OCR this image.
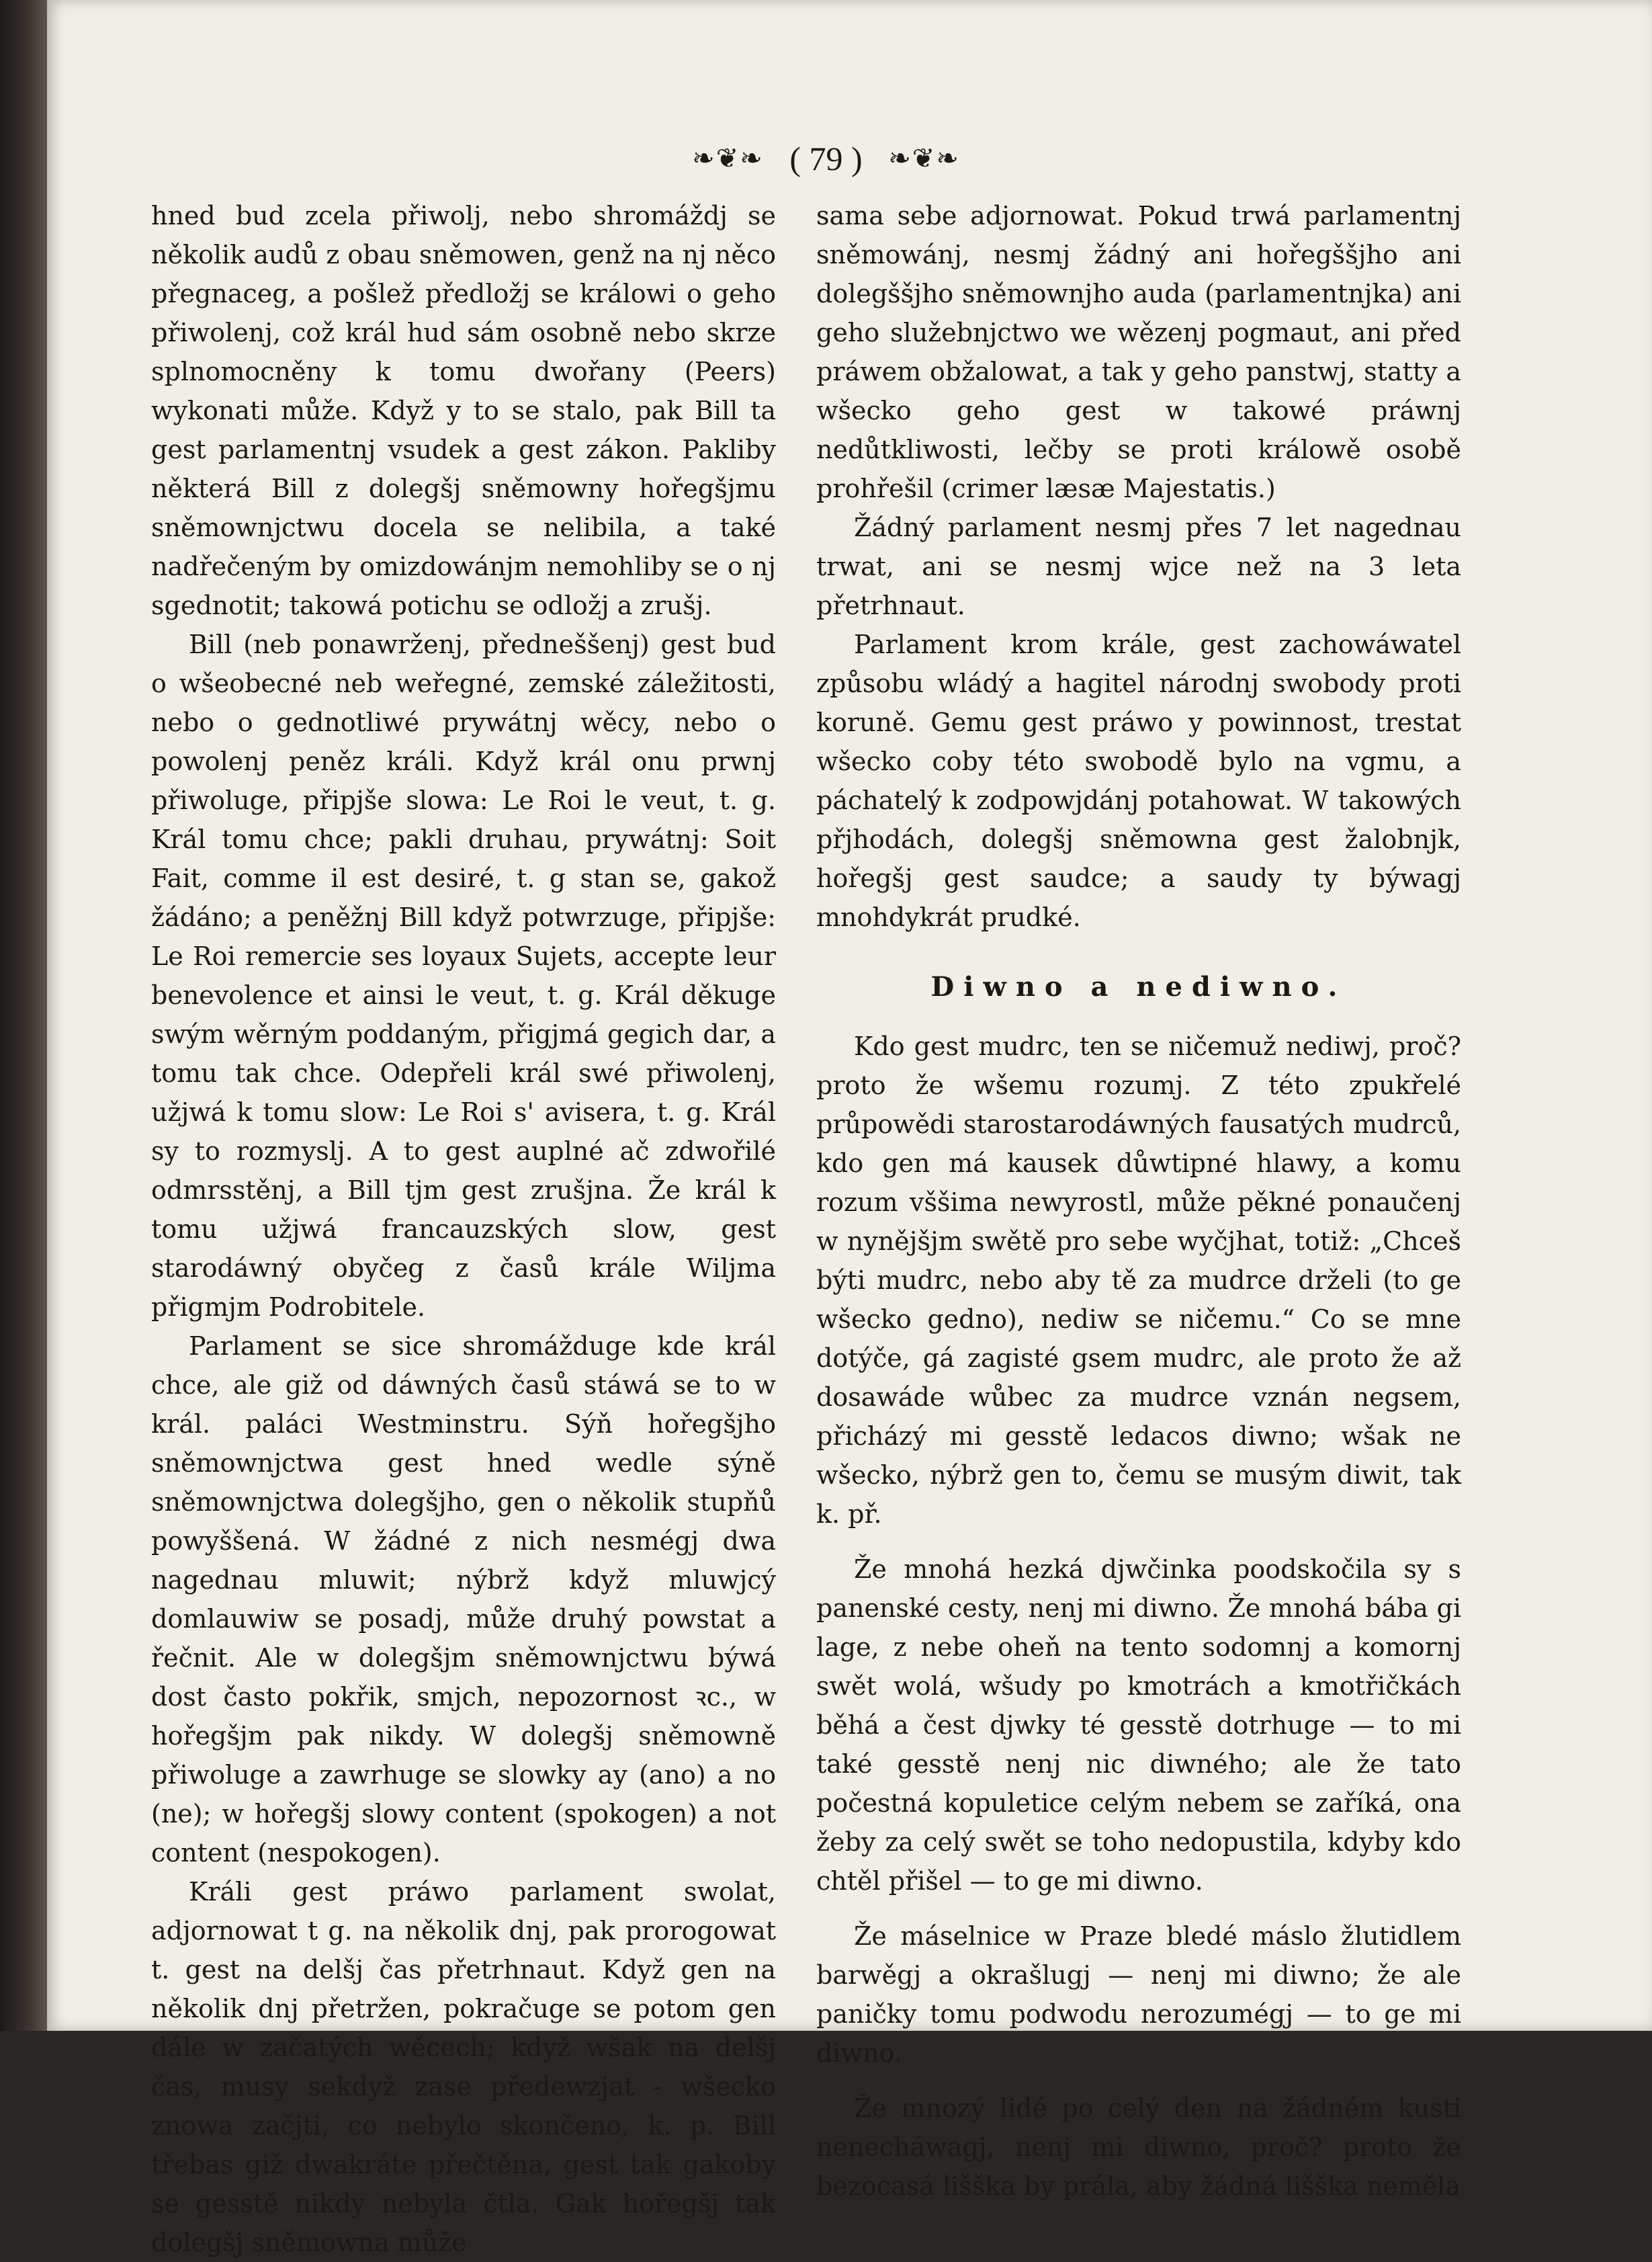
❧❦❧ ( 79 ) ❧❦❧

hned bud zcela přiwolj, nebo shromáždj se několik audů z obau sněmowen, genž na nj něco přegnaceg, a pošlež předložj se králowi o geho přiwolenj, což král hud sám osobně nebo skrze splnomocněny k tomu dwořany (Peers) wykonati může. Když y to se stalo, pak Bill ta gest parlamentnj vsudek a gest zákon. Pakliby některá Bill z dolegšj sněmowny hořegšjmu sněmownjctwu docela se nelibila, a také nadřečeným by omizdowánjm nemohliby se o nj sgednotit; takowá potichu se odložj a zrušj.

Bill (neb ponawrženj, předneššenj) gest bud o wšeobecné neb weřegné, zemské záležitosti, nebo o gednotliwé prywátnj wěcy, nebo o powolenj peněz králi. Když král onu prwnj přiwoluge, připjše slowa: Le Roi le veut, t. g. Král tomu chce; pakli druhau, prywátnj: Soit Fait, comme il est desiré, t. g stan se, gakož žádáno; a peněžnj Bill když potwrzuge, připjše: Le Roi remercie ses loyaux Sujets, accepte leur benevolence et ainsi le veut, t. g. Král děkuge swým wěrným poddaným, přigjmá gegich dar, a tomu tak chce. Odepřeli král swé přiwolenj, užjwá k tomu slow: Le Roi s' avisera, t. g. Král sy to rozmyslj. A to gest auplné ač zdwořilé odmrsstěnj, a Bill tjm gest zrušjna. Že král k tomu užjwá francauzských slow, gest starodáwný obyčeg z časů krále Wiljma přigmjm Podrobitele.

Parlament se sice shromážduge kde král chce, ale giž od dáwných časů stáwá se to w král. paláci Westminstru. Sýň hořegšjho sněmownjctwa gest hned wedle sýně sněmownjctwa dolegšjho, gen o několik stupňů powyššená. W žádné z nich nesmégj dwa nagednau mluwit; nýbrž když mluwjcý domlauwiw se posadj, může druhý powstat a řečnit. Ale w dolegšjm sněmownjctwu býwá dost často pokřik, smjch, nepozornost ꝛc., w hořegšjm pak nikdy. W dolegšj sněmowně přiwoluge a zawrhuge se slowky ay (ano) a no (ne); w hořegšj slowy content (spokogen) a not content (nespokogen).

Králi gest práwo parlament swolat, adjornowat t g. na několik dnj, pak prorogowat t. gest na delšj čas přetrhnaut. Když gen na několik dnj přetržen, pokračuge se potom gen dále w začatých wěcech; když wšak na delšj čas, musy sekdyž zase předewzjat - wšecko znowa začjti, co nebylo skončeno, k. p. Bill třebas giž dwakráte přečtěna, gest tak gakoby se gesstě nikdy nebyla čtla. Gak hořegšj tak dolegšj sněmowna může

sama sebe adjornowat. Pokud trwá parlamentnj sněmowánj, nesmj žádný ani hořegššjho ani dolegššjho sněmownjho auda (parlamentnjka) ani geho služebnjctwo we wězenj pogmaut, ani před práwem obžalowat, a tak y geho panstwj, statty a wšecko geho gest w takowé práwnj nedůtkliwosti, lečby se proti králowě osobě prohřešil (crimer læsæ Majestatis.)

Žádný parlament nesmj přes 7 let nagednau trwat, ani se nesmj wjce než na 3 leta přetrhnaut.

Parlament krom krále, gest zachowáwatel způsobu wládý a hagitel národnj swobody proti koruně. Gemu gest práwo y powinnost, trestat wšecko coby této swobodě bylo na vgmu, a páchatelý k zodpowjdánj potahowat. W takowých přjhodách, dolegšj sněmowna gest žalobnjk, hořegšj gest saudce; a saudy ty býwagj mnohdykrát prudké.

Diwno a nediwno.

Kdo gest mudrc, ten se ničemuž nediwj, proč? proto že wšemu rozumj. Z této zpukřelé průpowědi starostarodáwných fausatých mudrců, kdo gen má kausek důwtipné hlawy, a komu rozum vššima newyrostl, může pěkné ponaučenj w nynějšjm swětě pro sebe wyčjhat, totiž: „Chceš býti mudrc, nebo aby tě za mudrce drželi (to ge wšecko gedno), nediw se ničemu.“ Co se mne dotýče, gá zagisté gsem mudrc, ale proto že až dosawáde wůbec za mudrce vznán negsem, přicházý mi gesstě ledacos diwno; wšak ne wšecko, nýbrž gen to, čemu se musým diwit, tak k. př.

Že mnohá hezká djwčinka poodskočila sy s panenské cesty, nenj mi diwno. Že mnohá bába gi lage, z nebe oheň na tento sodomnj a komornj swět wolá, wšudy po kmotrách a kmotřičkách běhá a čest djwky té gesstě dotrhuge — to mi také gesstě nenj nic diwného; ale že tato počestná kopuletice celým nebem se zaříká, ona žeby za celý swět se toho nedopustila, kdyby kdo chtěl přišel — to ge mi diwno.

Že máselnice w Praze bledé máslo žlutidlem barwěgj a okrašlugj — nenj mi diwno; že ale paničky tomu podwodu nerozumégj — to ge mi diwno.

Že mnozý lidé po celý den na žádném kusti nenecháwagj, nenj mi diwno, proč? proto že bezocasá lišška by prála, aby žádná lišška neměla
